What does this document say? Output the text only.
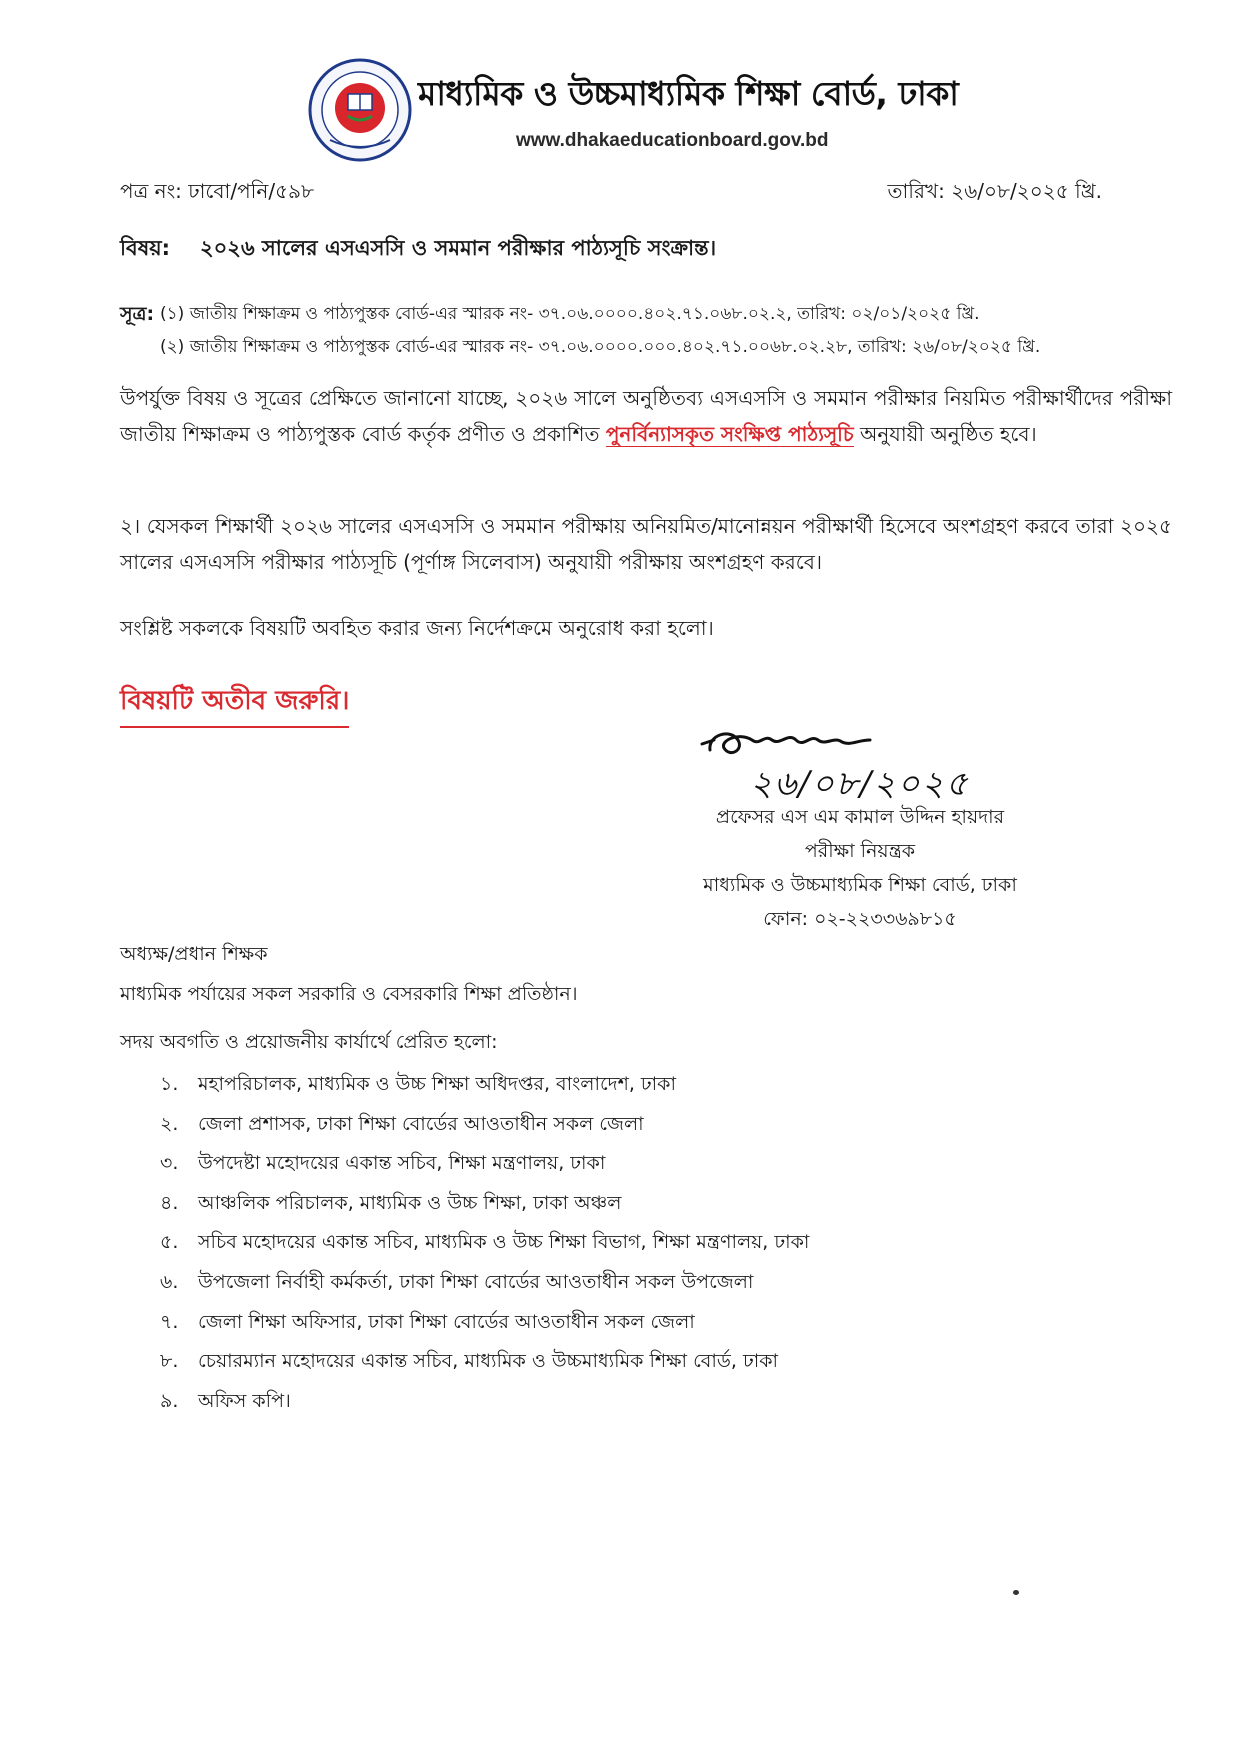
মাধ্যমিক ও উচ্চমাধ্যমিক শিক্ষা বোর্ড, ঢাকা
www.dhakaeducationboard.gov.bd
পত্র নং: ঢাবো/পনি/৫৯৮	তারিখ: ২৬/০৮/২০২৫ খ্রি.
বিষয়: ২০২৬ সালের এসএসসি ও সমমান পরীক্ষার পাঠ্যসূচি সংক্রান্ত।
সূত্র: (১) জাতীয় শিক্ষাক্রম ও পাঠ্যপুস্তক বোর্ড-এর স্মারক নং- ৩৭.০৬.০০০০.৪০২.৭১.০৬৮.০২.২, তারিখ: ০২/০১/২০২৫ খ্রি.
(২) জাতীয় শিক্ষাক্রম ও পাঠ্যপুস্তক বোর্ড-এর স্মারক নং- ৩৭.০৬.০০০০.০০০.৪০২.৭১.০০৬৮.০২.২৮, তারিখ: ২৬/০৮/২০২৫ খ্রি.
উপর্যুক্ত বিষয় ও সূত্রের প্রেক্ষিতে জানানো যাচ্ছে, ২০২৬ সালে অনুষ্ঠিতব্য এসএসসি ও সমমান পরীক্ষার নিয়মিত পরীক্ষার্থীদের পরীক্ষা জাতীয় শিক্ষাক্রম ও পাঠ্যপুস্তক বোর্ড কর্তৃক প্রণীত ও প্রকাশিত পুনর্বিন্যাসকৃত সংক্ষিপ্ত পাঠ্যসূচি অনুযায়ী অনুষ্ঠিত হবে।
২। যেসকল শিক্ষার্থী ২০২৬ সালের এসএসসি ও সমমান পরীক্ষায় অনিয়মিত/মানোন্নয়ন পরীক্ষার্থী হিসেবে অংশগ্রহণ করবে তারা ২০২৫ সালের এসএসসি পরীক্ষার পাঠ্যসূচি (পূর্ণাঙ্গ সিলেবাস) অনুযায়ী পরীক্ষায় অংশগ্রহণ করবে।
সংশ্লিষ্ট সকলকে বিষয়টি অবহিত করার জন্য নির্দেশক্রমে অনুরোধ করা হলো।
বিষয়টি অতীব জরুরি।
২৬/০৮/২০২৫
প্রফেসর এস এম কামাল উদ্দিন হায়দার
পরীক্ষা নিয়ন্ত্রক
মাধ্যমিক ও উচ্চমাধ্যমিক শিক্ষা বোর্ড, ঢাকা
ফোন: ০২-২২৩৩৬৯৮১৫
অধ্যক্ষ/প্রধান শিক্ষক
মাধ্যমিক পর্যায়ের সকল সরকারি ও বেসরকারি শিক্ষা প্রতিষ্ঠান।
সদয় অবগতি ও প্রয়োজনীয় কার্যার্থে প্রেরিত হলো:
১. মহাপরিচালক, মাধ্যমিক ও উচ্চ শিক্ষা অধিদপ্তর, বাংলাদেশ, ঢাকা
২. জেলা প্রশাসক, ঢাকা শিক্ষা বোর্ডের আওতাধীন সকল জেলা
৩. উপদেষ্টা মহোদয়ের একান্ত সচিব, শিক্ষা মন্ত্রণালয়, ঢাকা
৪. আঞ্চলিক পরিচালক, মাধ্যমিক ও উচ্চ শিক্ষা, ঢাকা অঞ্চল
৫. সচিব মহোদয়ের একান্ত সচিব, মাধ্যমিক ও উচ্চ শিক্ষা বিভাগ, শিক্ষা মন্ত্রণালয়, ঢাকা
৬. উপজেলা নির্বাহী কর্মকর্তা, ঢাকা শিক্ষা বোর্ডের আওতাধীন সকল উপজেলা
৭. জেলা শিক্ষা অফিসার, ঢাকা শিক্ষা বোর্ডের আওতাধীন সকল জেলা
৮. চেয়ারম্যান মহোদয়ের একান্ত সচিব, মাধ্যমিক ও উচ্চমাধ্যমিক শিক্ষা বোর্ড, ঢাকা
৯. অফিস কপি।
